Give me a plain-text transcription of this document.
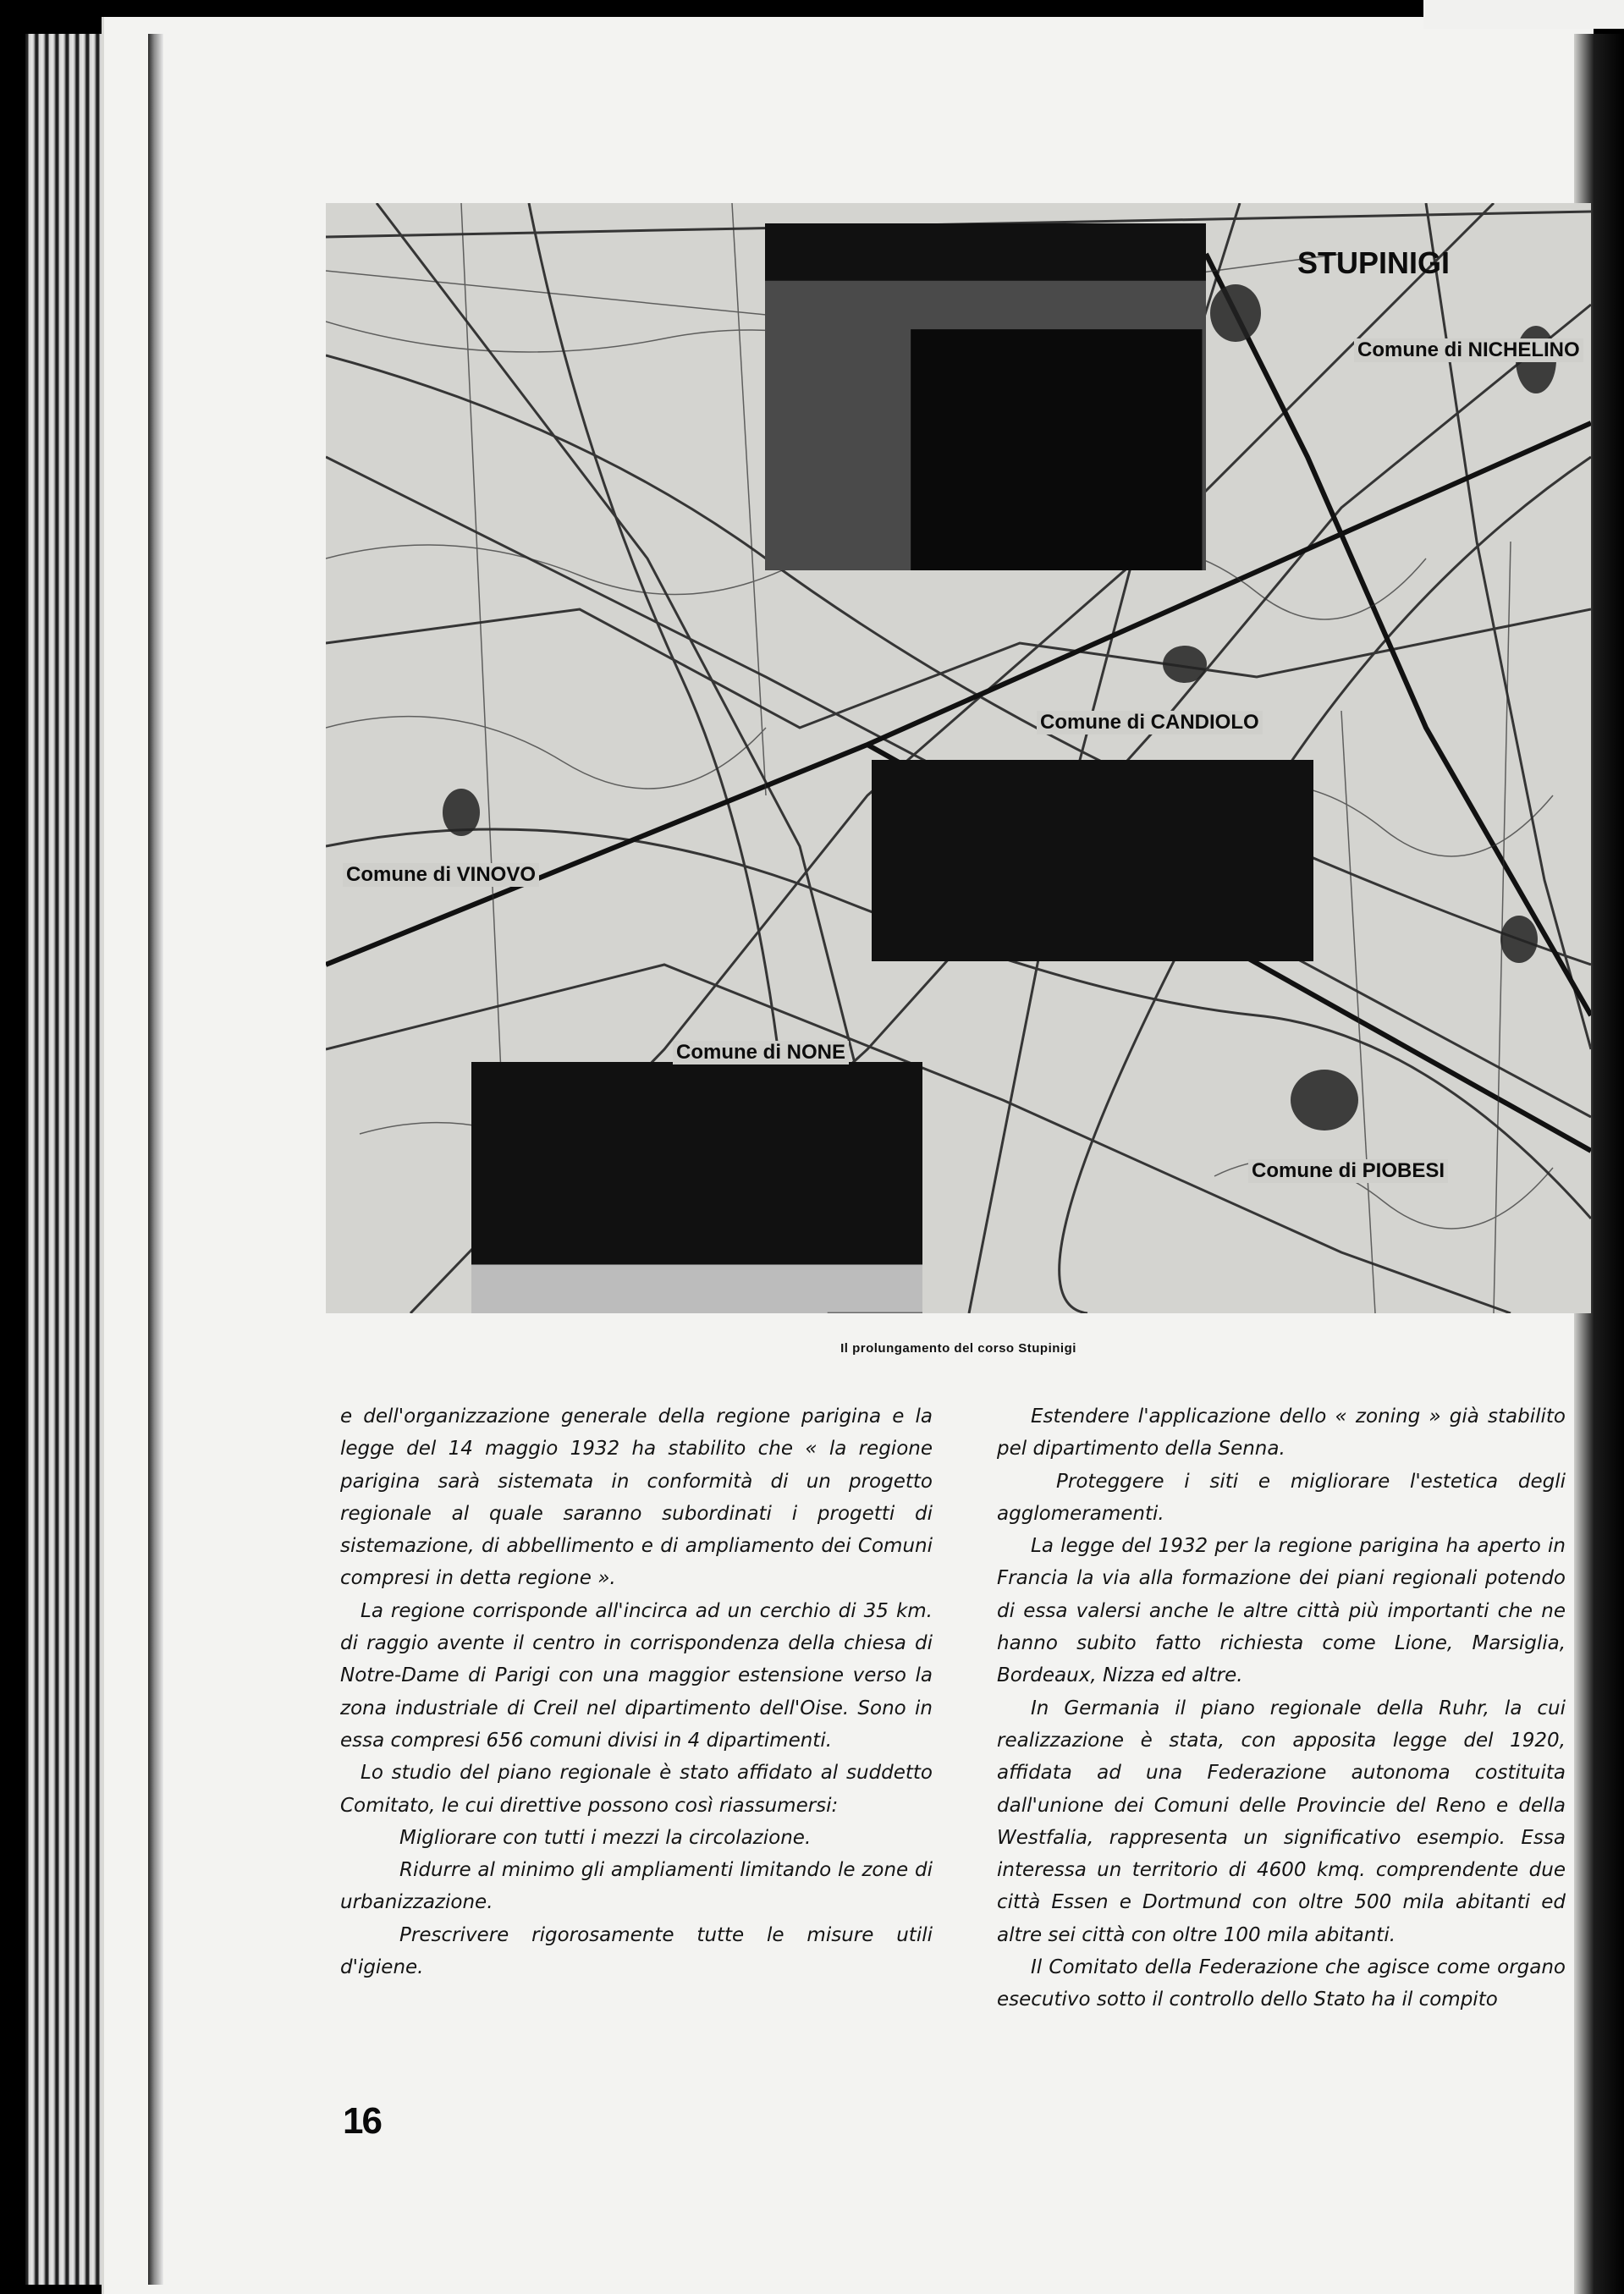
STUPINIGI
Comune di NICHELINO
Comune di CANDIOLO
Comune di VINOVO
Comune di NONE
Comune di PIOBESI
Il prolungamento del corso Stupinigi

e dell'organizzazione generale della regione parigina e la legge del 14 maggio 1932 ha stabilito che « la regione parigina sarà sistemata in conformità di un progetto regionale al quale saranno subordinati i progetti di sistemazione, di abbellimento e di ampliamento dei Comuni compresi in detta regione ».

La regione corrisponde all'incirca ad un cerchio di 35 km. di raggio avente il centro in corrispondenza della chiesa di Notre-Dame di Parigi con una maggior estensione verso la zona industriale di Creil nel dipartimento dell'Oise. Sono in essa compresi 656 comuni divisi in 4 dipartimenti.

Lo studio del piano regionale è stato affidato al suddetto Comitato, le cui direttive possono così riassumersi:

Migliorare con tutti i mezzi la circolazione.

Ridurre al minimo gli ampliamenti limitando le zone di urbanizzazione.

Prescrivere rigorosamente tutte le misure utili d'igiene.

Estendere l'applicazione dello « zoning » già stabilito pel dipartimento della Senna.

Proteggere i siti e migliorare l'estetica degli agglomeramenti.

La legge del 1932 per la regione parigina ha aperto in Francia la via alla formazione dei piani regionali potendo di essa valersi anche le altre città più importanti che ne hanno subito fatto richiesta come Lione, Marsiglia, Bordeaux, Nizza ed altre.

In Germania il piano regionale della Ruhr, la cui realizzazione è stata, con apposita legge del 1920, affidata ad una Federazione autonoma costituita dall'unione dei Comuni delle Provincie del Reno e della Westfalia, rappresenta un significativo esempio. Essa interessa un territorio di 4600 kmq. comprendente due città Essen e Dortmund con oltre 500 mila abitanti ed altre sei città con oltre 100 mila abitanti.

Il Comitato della Federazione che agisce come organo esecutivo sotto il controllo dello Stato ha il compito

16
